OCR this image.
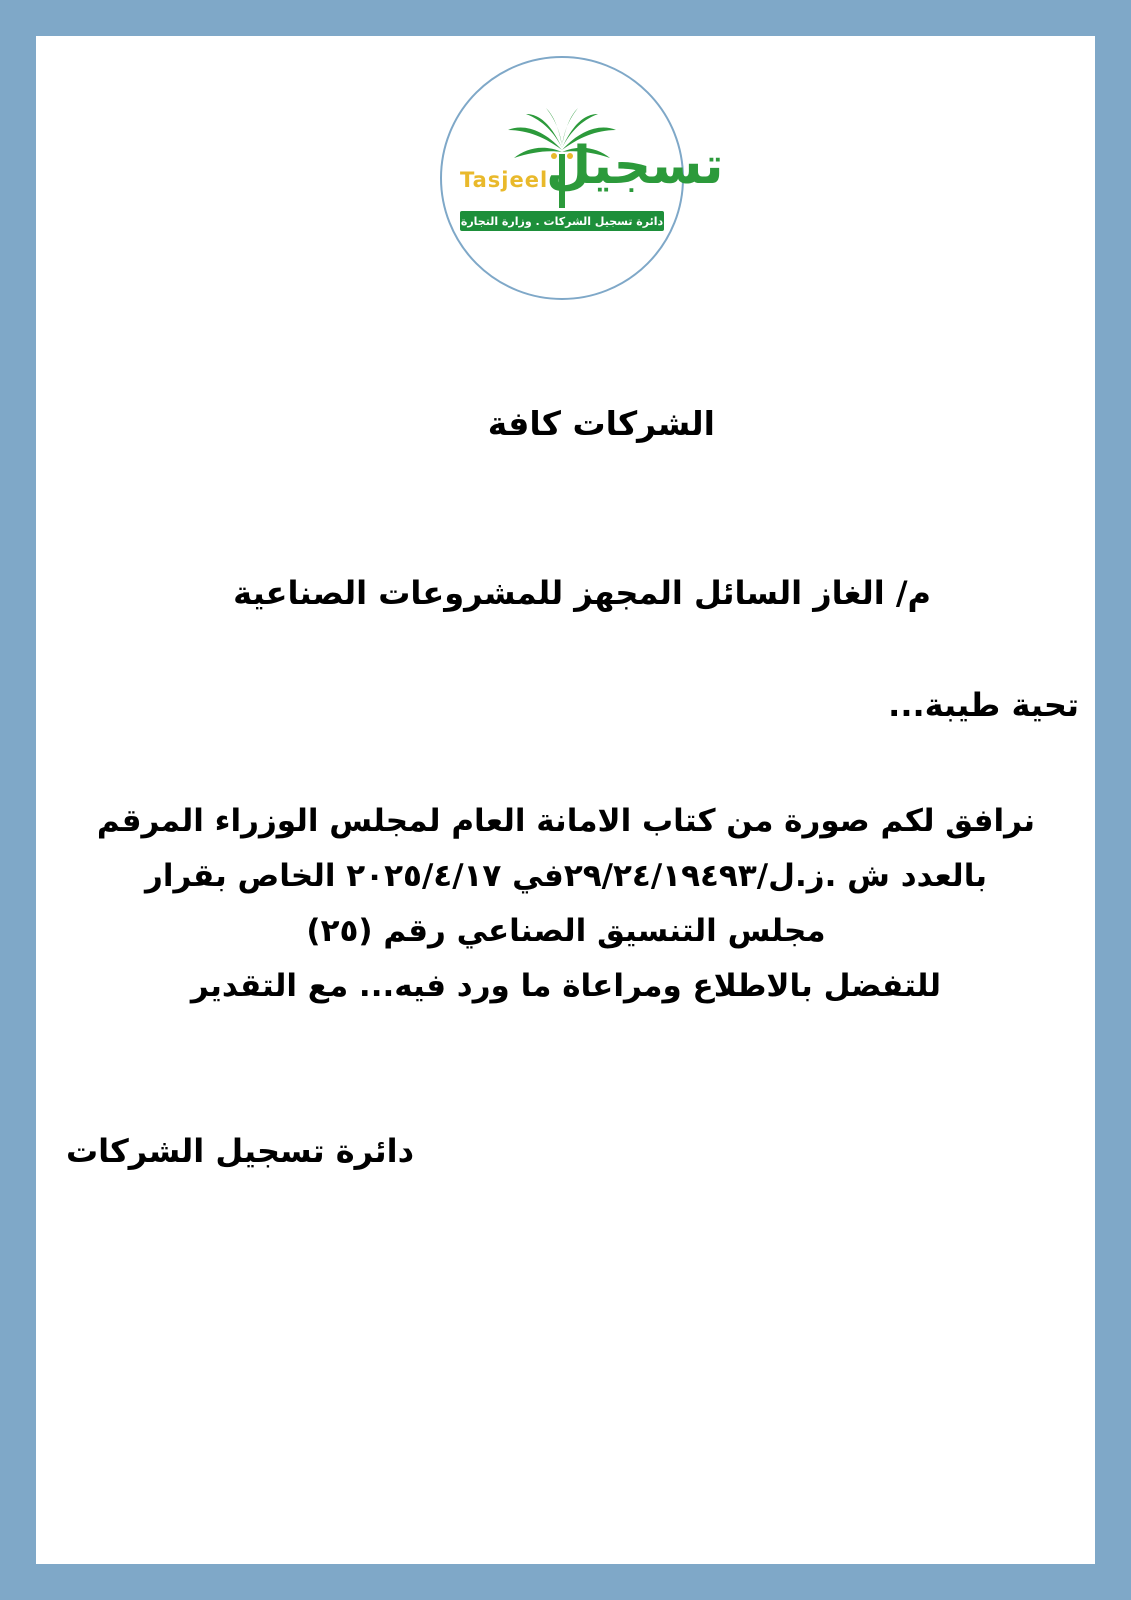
Tasjeel
تسجيل
دائرة تسجيل الشركات . وزارة التجارة
الشركات كافة
م/ الغاز السائل المجهز للمشروعات الصناعية
تحية طيبة...
نرافق لكم صورة من كتاب الامانة العام لمجلس الوزراء المرقم
بالعدد ش .ز.ل/٢٩/٢٤/١٩٤٩٣في ٢٠٢٥/٤/١٧ الخاص بقرار
مجلس التنسيق الصناعي رقم (٢٥)
للتفضل بالاطلاع ومراعاة ما ورد فيه... مع التقدير
دائرة تسجيل الشركات
